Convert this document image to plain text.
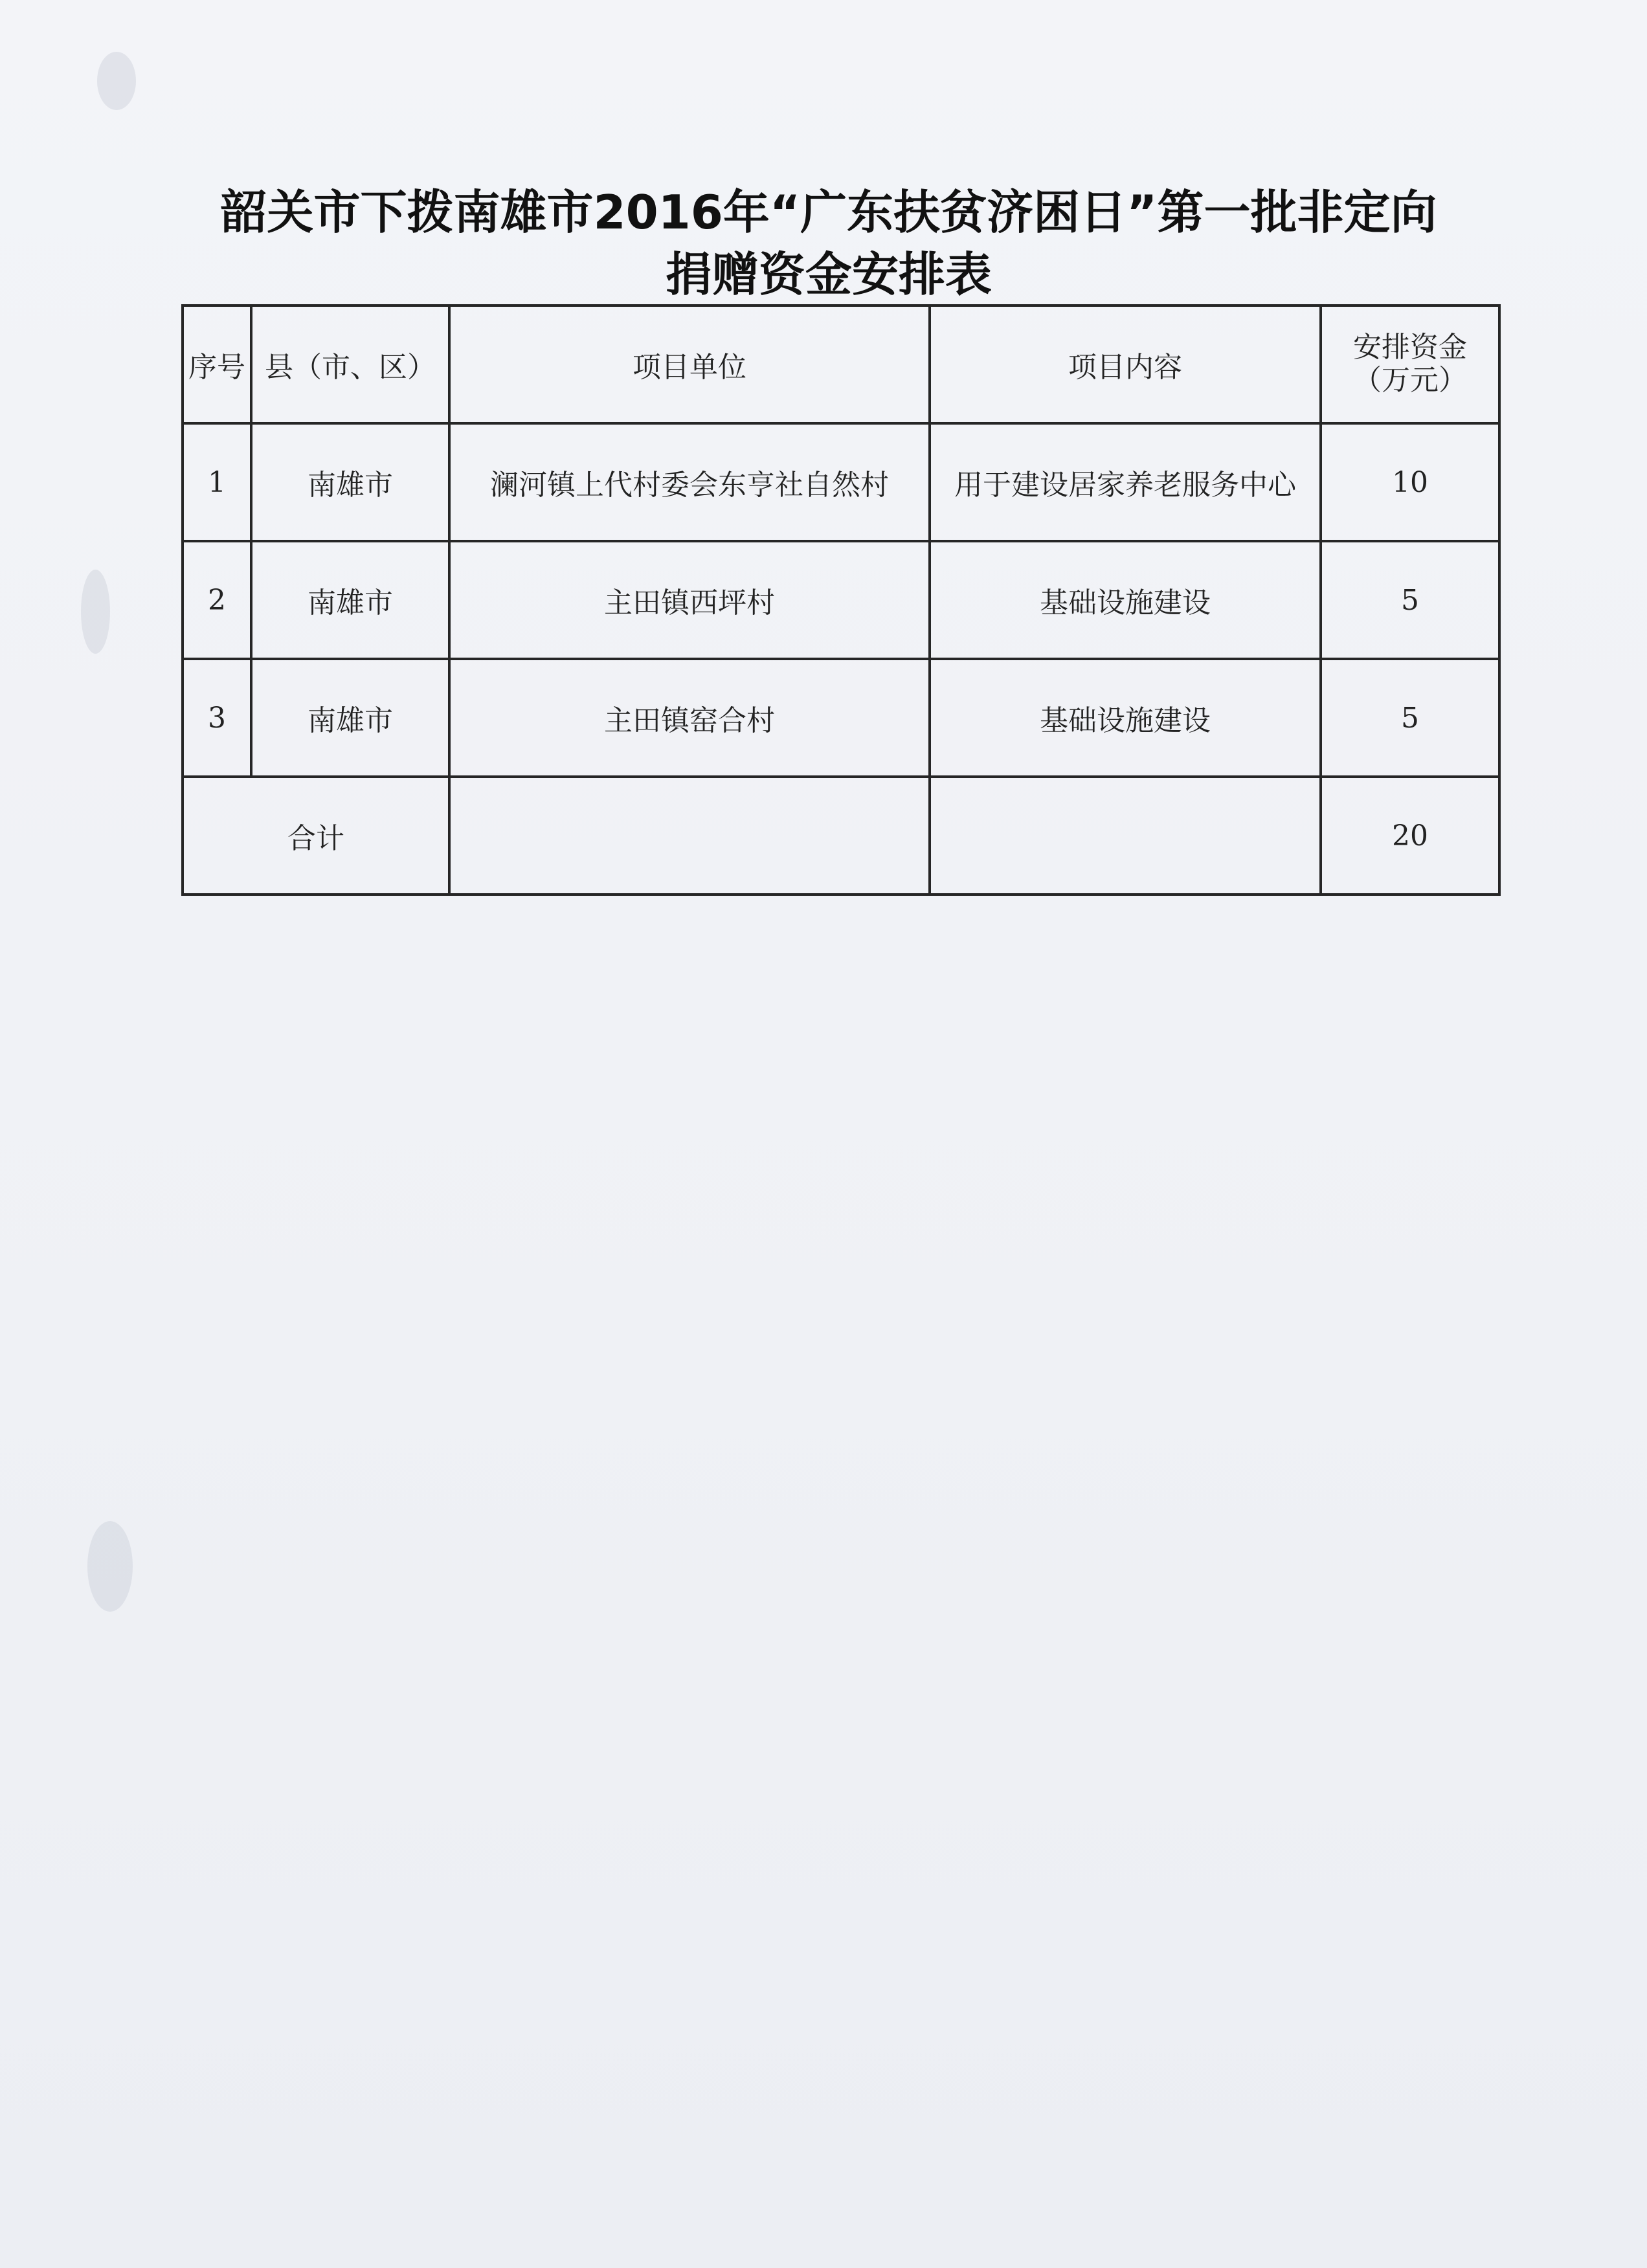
韶关市下拨南雄市2016年“广东扶贫济困日”第一批非定向
捐赠资金安排表
序号	县（市、区）	项目单位	项目内容	安排资金
（万元）

1	南雄市	澜河镇上代村委会东亨社自然村	用于建设居家养老服务中心	10
2	南雄市	主田镇西坪村	基础设施建设	5
3	南雄市	主田镇窑合村	基础设施建设	5
合计				20
